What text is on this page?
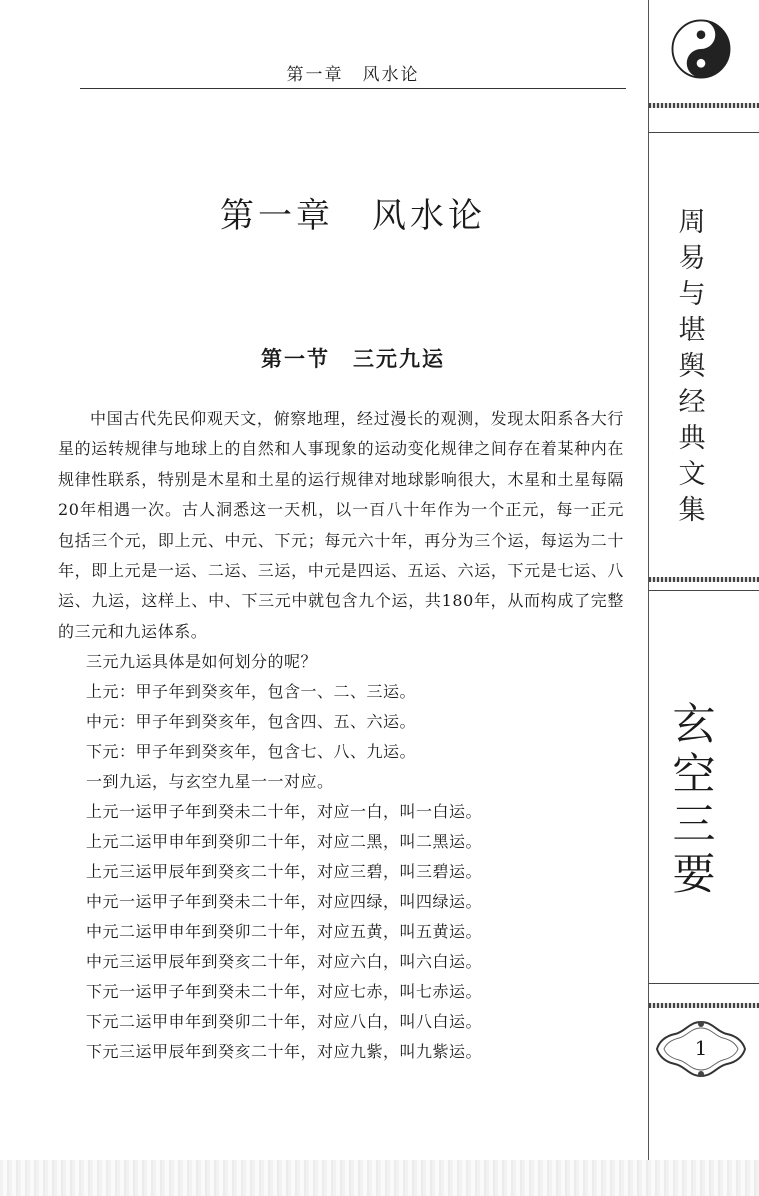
第一章　风水论
第一章　风水论
第一节　三元九运

中国古代先民仰观天文，俯察地理，经过漫长的观测，发现太阳系各大行星的运转规律与地球上的自然和人事现象的运动变化规律之间存在着某种内在规律性联系，特别是木星和土星的运行规律对地球影响很大，木星和土星每隔20年相遇一次。古人洞悉这一天机，以一百八十年作为一个正元，每一正元包括三个元，即上元、中元、下元；每元六十年，再分为三个运，每运为二十年，即上元是一运、二运、三运，中元是四运、五运、六运，下元是七运、八运、九运，这样上、中、下三元中就包含九个运，共180年，从而构成了完整的三元和九运体系。

三元九运具体是如何划分的呢？
上元：甲子年到癸亥年，包含一、二、三运。
中元：甲子年到癸亥年，包含四、五、六运。
下元：甲子年到癸亥年，包含七、八、九运。
一到九运，与玄空九星一一对应。
上元一运甲子年到癸未二十年，对应一白，叫一白运。
上元二运甲申年到癸卯二十年，对应二黑，叫二黑运。
上元三运甲辰年到癸亥二十年，对应三碧，叫三碧运。
中元一运甲子年到癸未二十年，对应四绿，叫四绿运。
中元二运甲申年到癸卯二十年，对应五黄，叫五黄运。
中元三运甲辰年到癸亥二十年，对应六白，叫六白运。
下元一运甲子年到癸未二十年，对应七赤，叫七赤运。
下元二运甲申年到癸卯二十年，对应八白，叫八白运。
下元三运甲辰年到癸亥二十年，对应九紫，叫九紫运。
周易与堪舆经典文集
玄空三要
1
